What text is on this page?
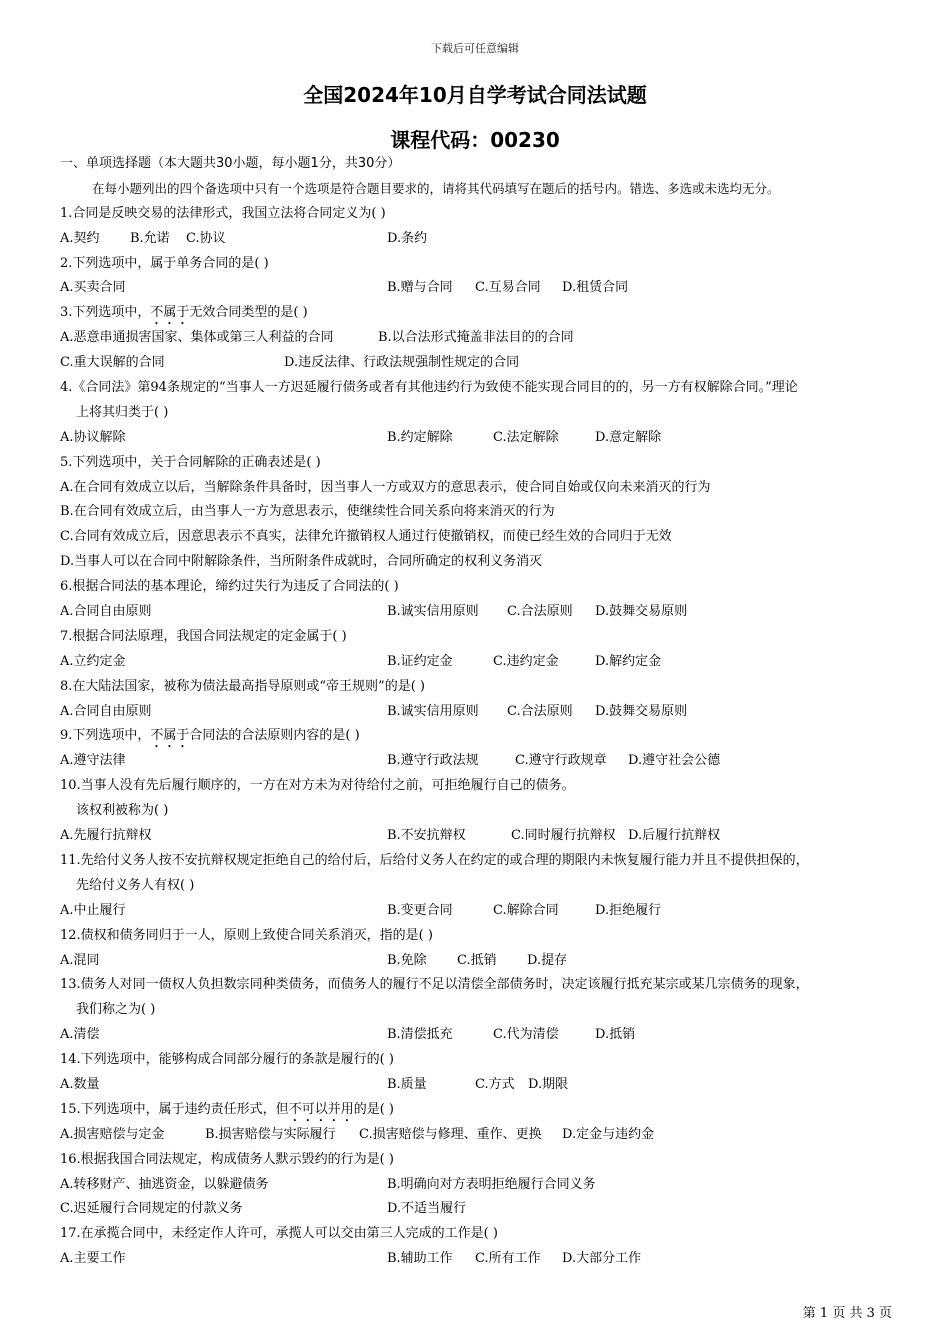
下载后可任意编辑
全国2024年10月自学考试合同法试题
课程代码：00230
一、单项选择题（本大题共30小题，每小题1分，共30分）
在每小题列出的四个备选项中只有一个选项是符合题目要求的，请将其代码填写在题后的括号内。错选、多选或未选均无分。
1.合同是反映交易的法律形式，我国立法将合同定义为( )
A.契约 B.允诺 C.协议	D.条约
2.下列选项中，属于单务合同的是( )
A.买卖合同	B.赠与合同 C.互易合同 D.租赁合同
3.下列选项中，不属于无效合同类型的是( )
A.恶意串通损害国家、集体或第三人利益的合同	B.以合法形式掩盖非法目的的合同
C.重大误解的合同	D.违反法律、行政法规强制性规定的合同
4.《合同法》第94条规定的“当事人一方迟延履行债务或者有其他违约行为致使不能实现合同目的的，另一方有权解除合同。”理论
上将其归类于( )
A.协议解除	B.约定解除	C.法定解除	D.意定解除
5.下列选项中，关于合同解除的正确表述是( )
A.在合同有效成立以后，当解除条件具备时，因当事人一方或双方的意思表示，使合同自始或仅向未来消灭的行为
B.在合同有效成立后，由当事人一方为意思表示，使继续性合同关系向将来消灭的行为
C.合同有效成立后，因意思表示不真实，法律允许撤销权人通过行使撤销权，而使已经生效的合同归于无效
D.当事人可以在合同中附解除条件，当所附条件成就时，合同所确定的权利义务消灭
6.根据合同法的基本理论，缔约过失行为违反了合同法的( )
A.合同自由原则	B.诚实信用原则 C.合法原则 D.鼓舞交易原则
7.根据合同法原理，我国合同法规定的定金属于( )
A.立约定金	B.证约定金	C.违约定金	D.解约定金
8.在大陆法国家，被称为债法最高指导原则或“帝王规则”的是( )
A.合同自由原则	B.诚实信用原则 C.合法原则 D.鼓舞交易原则
9.下列选项中，不属于合同法的合法原则内容的是( )
A.遵守法律	B.遵守行政法规	C.遵守行政规章 D.遵守社会公德
10.当事人没有先后履行顺序的，一方在对方未为对待给付之前，可拒绝履行自己的债务。
该权利被称为( )
A.先履行抗辩权	B.不安抗辩权	C.同时履行抗辩权 D.后履行抗辩权
11.先给付义务人按不安抗辩权规定拒绝自己的给付后，后给付义务人在约定的或合理的期限内未恢复履行能力并且不提供担保的，
先给付义务人有权( )
A.中止履行	B.变更合同	C.解除合同	D.拒绝履行
12.债权和债务同归于一人，原则上致使合同关系消灭，指的是( )
A.混同	B.免除 C.抵销 D.提存
13.债务人对同一债权人负担数宗同种类债务，而债务人的履行不足以清偿全部债务时，决定该履行抵充某宗或某几宗债务的现象，
我们称之为( )
A.清偿	B.清偿抵充	C.代为清偿	D.抵销
14.下列选项中，能够构成合同部分履行的条款是履行的( )
A.数量	B.质量	C.方式 D.期限
15.下列选项中，属于违约责任形式，但不可以并用的是( )
A.损害赔偿与定金	B.损害赔偿与实际履行 C.损害赔偿与修理、重作、更换 D.定金与违约金
16.根据我国合同法规定，构成债务人默示毁约的行为是( )
A.转移财产、抽逃资金，以躲避债务	B.明确向对方表明拒绝履行合同义务
C.迟延履行合同规定的付款义务	D.不适当履行
17.在承揽合同中，未经定作人许可，承揽人可以交由第三人完成的工作是( )
A.主要工作	B.辅助工作 C.所有工作 D.大部分工作
第 1 页 共 3 页
